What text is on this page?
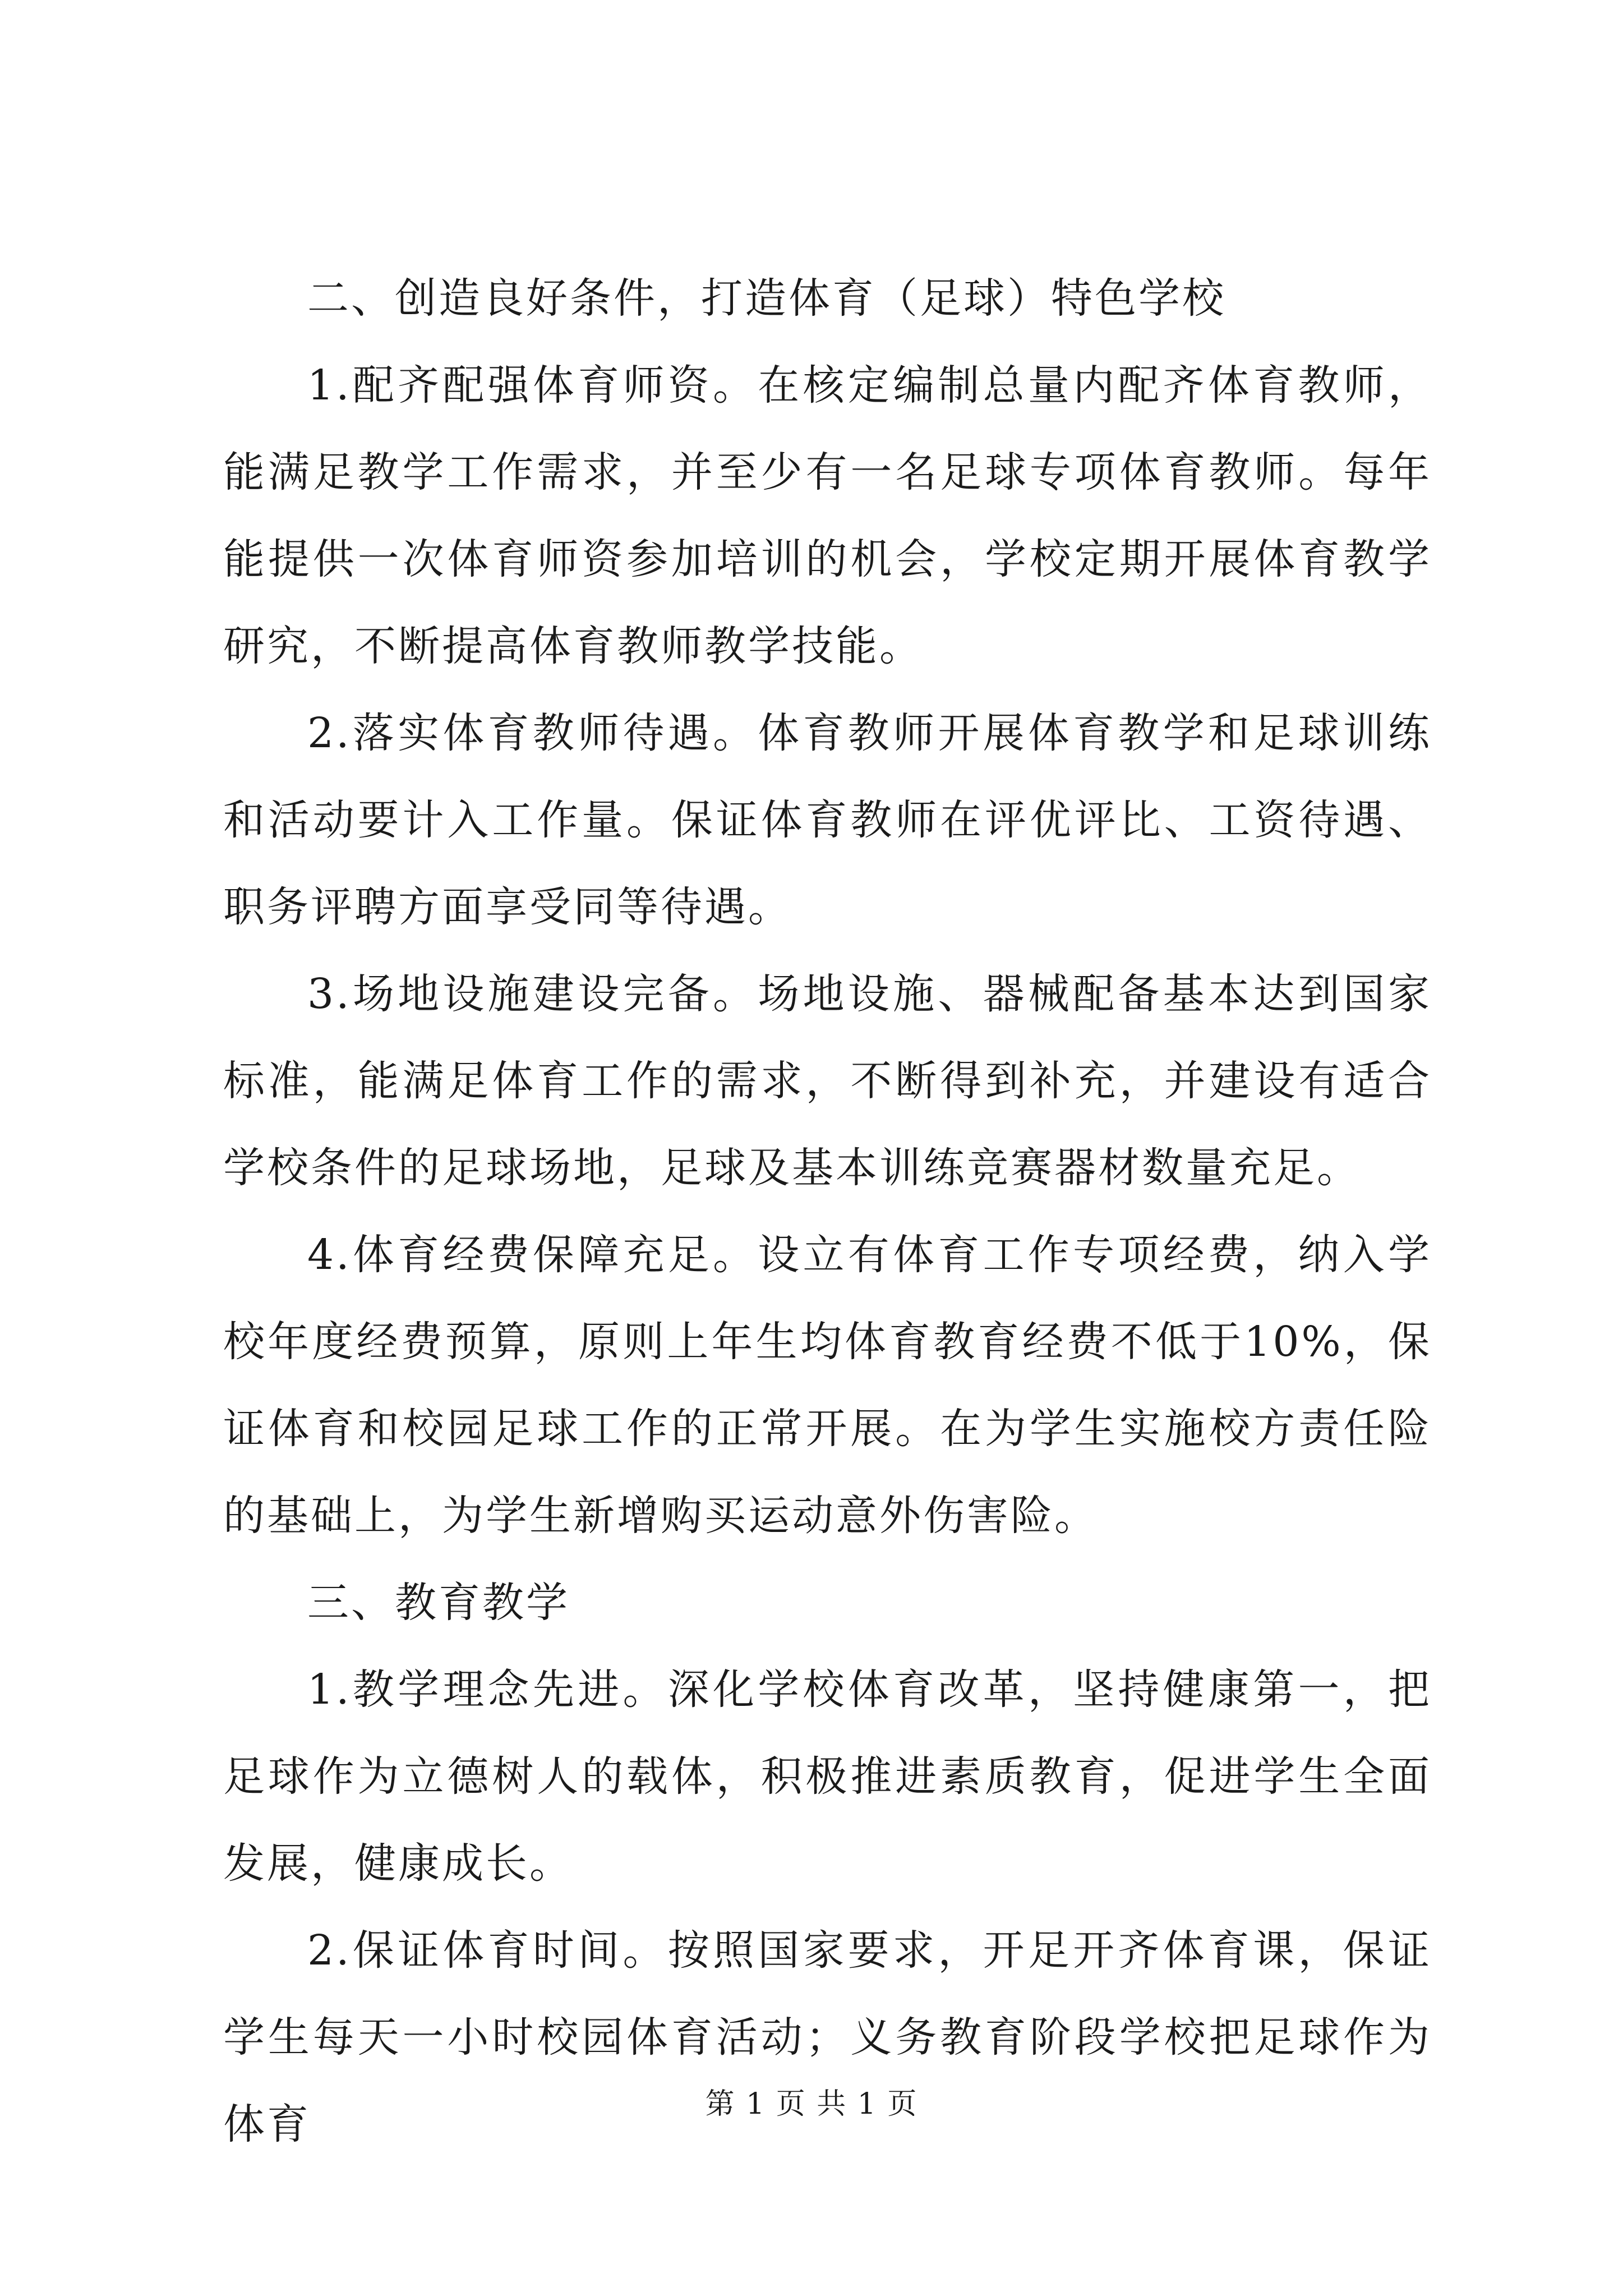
二、创造良好条件，打造体育（足球）特色学校

1.配齐配强体育师资。在核定编制总量内配齐体育教师，能满足教学工作需求，并至少有一名足球专项体育教师。每年能提供一次体育师资参加培训的机会，学校定期开展体育教学研究，不断提高体育教师教学技能。

2.落实体育教师待遇。体育教师开展体育教学和足球训练和活动要计入工作量。保证体育教师在评优评比、工资待遇、职务评聘方面享受同等待遇。

3.场地设施建设完备。场地设施、器械配备基本达到国家标准，能满足体育工作的需求，不断得到补充，并建设有适合学校条件的足球场地，足球及基本训练竞赛器材数量充足。

4.体育经费保障充足。设立有体育工作专项经费，纳入学校年度经费预算，原则上年生均体育教育经费不低于10%，保证体育和校园足球工作的正常开展。在为学生实施校方责任险的基础上，为学生新增购买运动意外伤害险。

三、教育教学

1.教学理念先进。深化学校体育改革，坚持健康第一，把足球作为立德树人的载体，积极推进素质教育，促进学生全面发展，健康成长。

2.保证体育时间。按照国家要求，开足开齐体育课，保证学生每天一小时校园体育活动；义务教育阶段学校把足球作为体育	第 1 页 共 1 页
